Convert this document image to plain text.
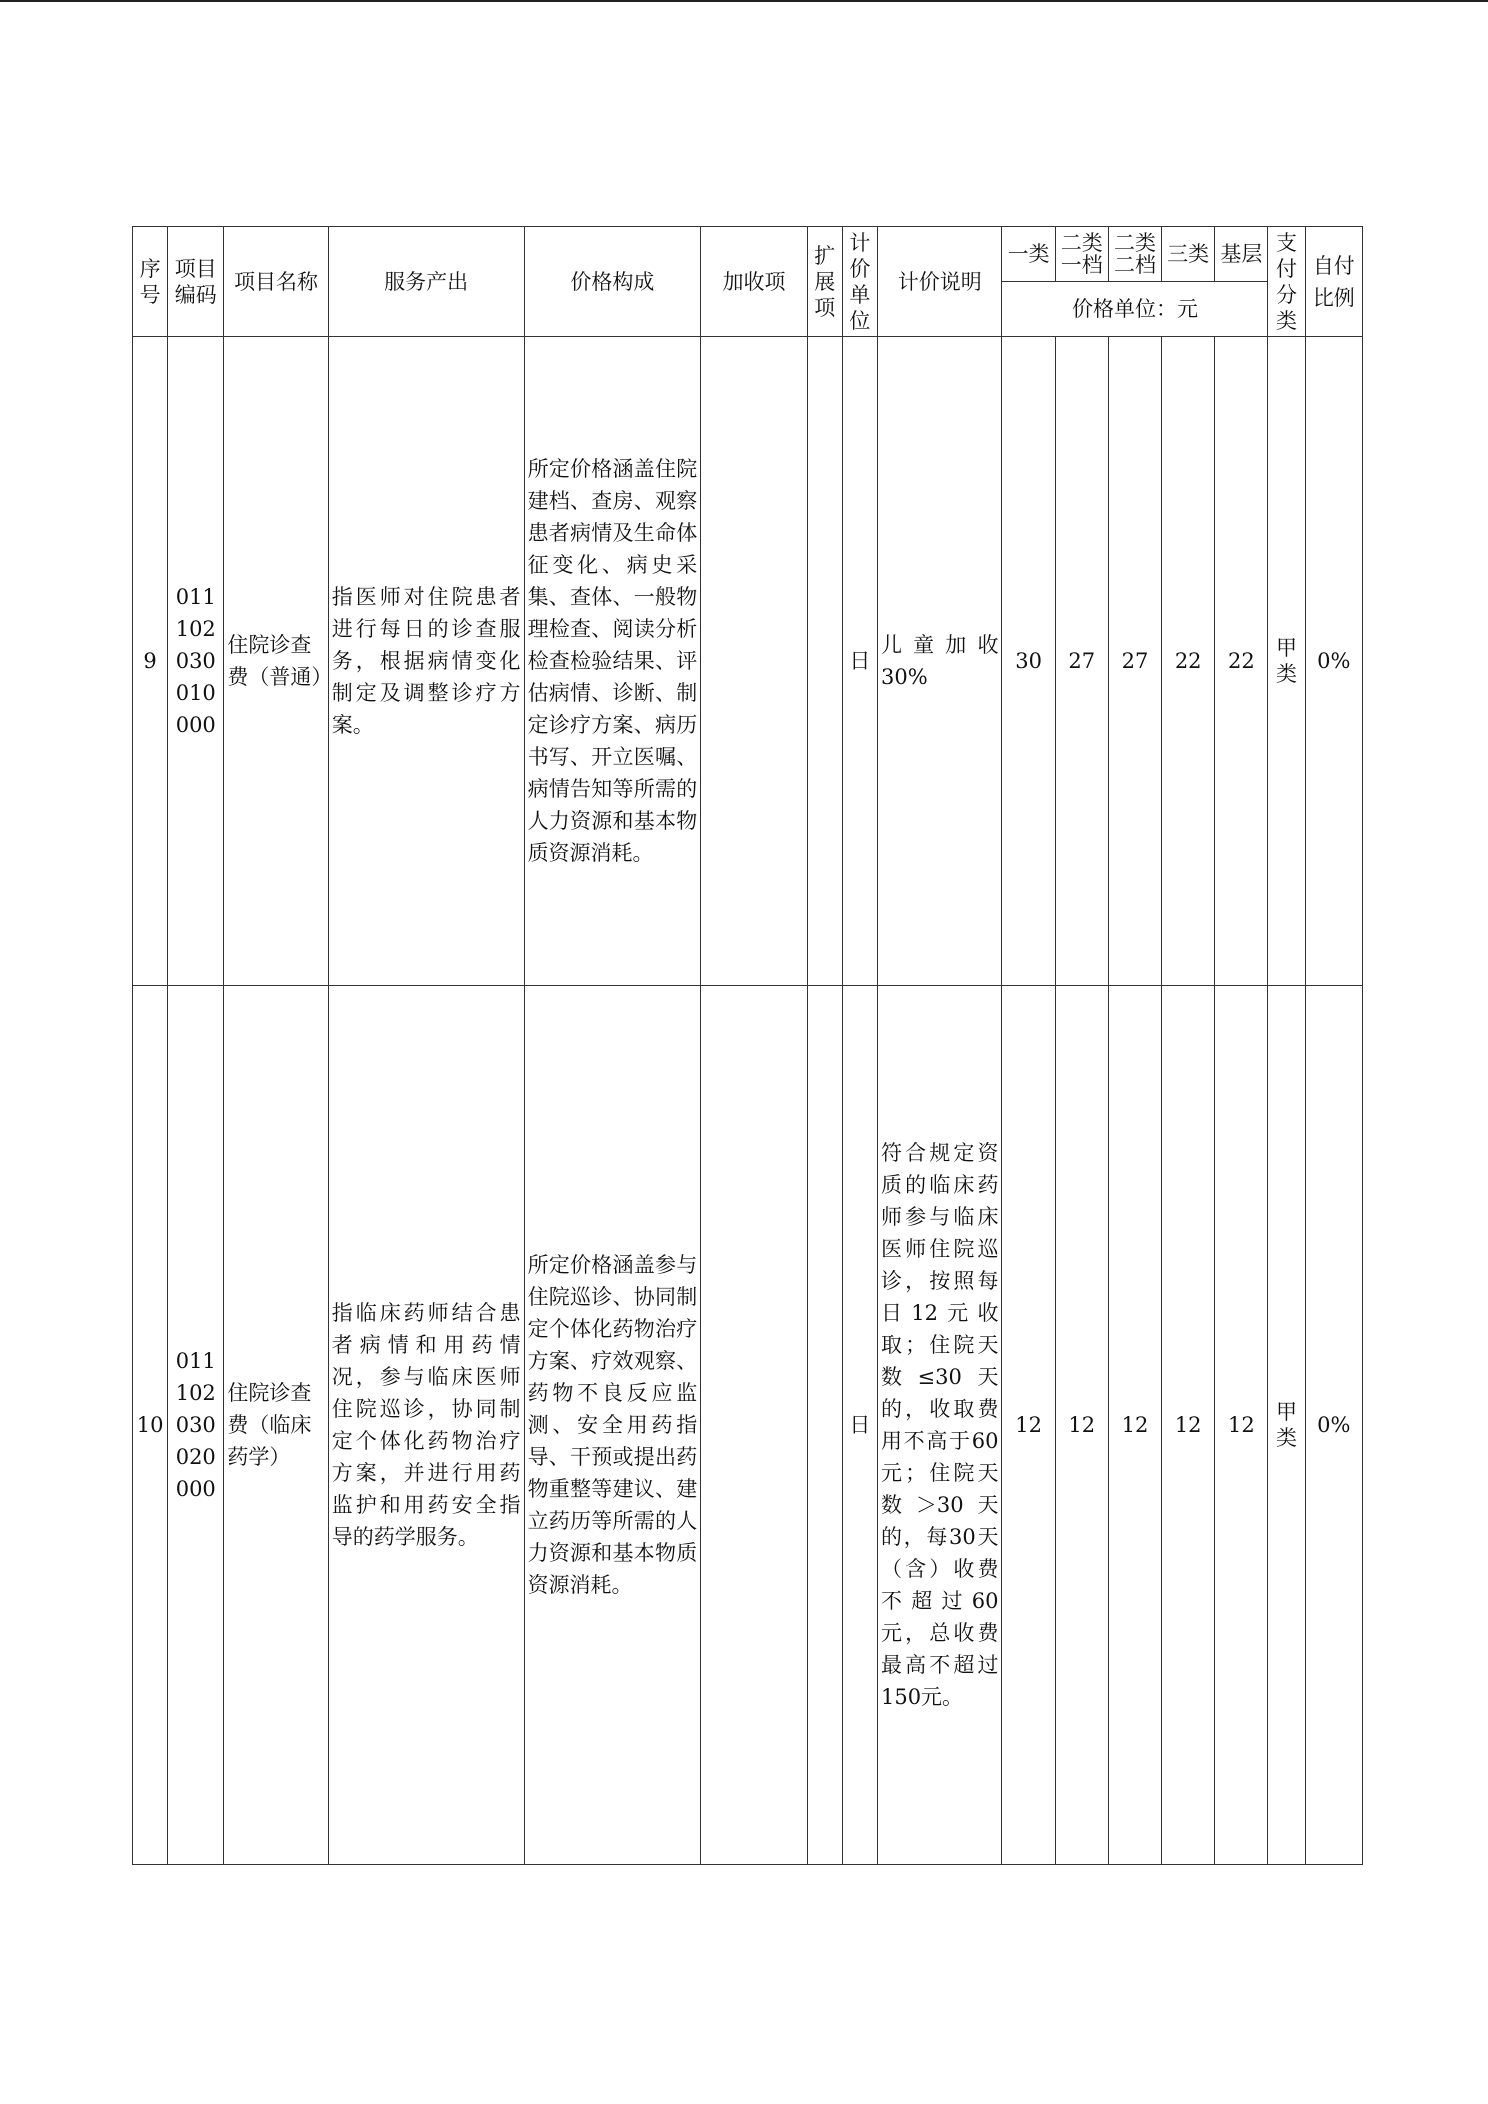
序号	项目编码	项目名称	服务产出	价格构成	加收项	扩展项	计价单位	计价说明	一类	二类一档	二类二档	三类	基层	支付分类	自付比例
									价格单位：元						
9	011102030010000	住院诊查费（普通）	指医师对住院患者进行每日的诊查服务，根据病情变化制定及调整诊疗方案。	所定价格涵盖住院建档、查房、观察患者病情及生命体征变化、病史采集、查体、一般物理检查、阅读分析检查检验结果、评估病情、诊断、制定诊疗方案、病历书写、开立医嘱、病情告知等所需的人力资源和基本物质资源消耗。			日	儿童加收30%	30	27	27	22	22	甲类	0%
10	011102030020000	住院诊查费（临床药学）	指临床药师结合患者病情和用药情况，参与临床医师住院巡诊，协同制定个体化药物治疗方案，并进行用药监护和用药安全指导的药学服务。	所定价格涵盖参与住院巡诊、协同制定个体化药物治疗方案、疗效观察、药物不良反应监测、安全用药指导、干预或提出药物重整等建议、建立药历等所需的人力资源和基本物质资源消耗。			日	符合规定资质的临床药师参与临床医师住院巡诊，按照每日12元收取；住院天数≤30天的，收取费用不高于60元；住院天数＞30天的，每30天（含）收费不超过60元，总收费最高不超过150元。	12	12	12	12	12	甲类	0%
